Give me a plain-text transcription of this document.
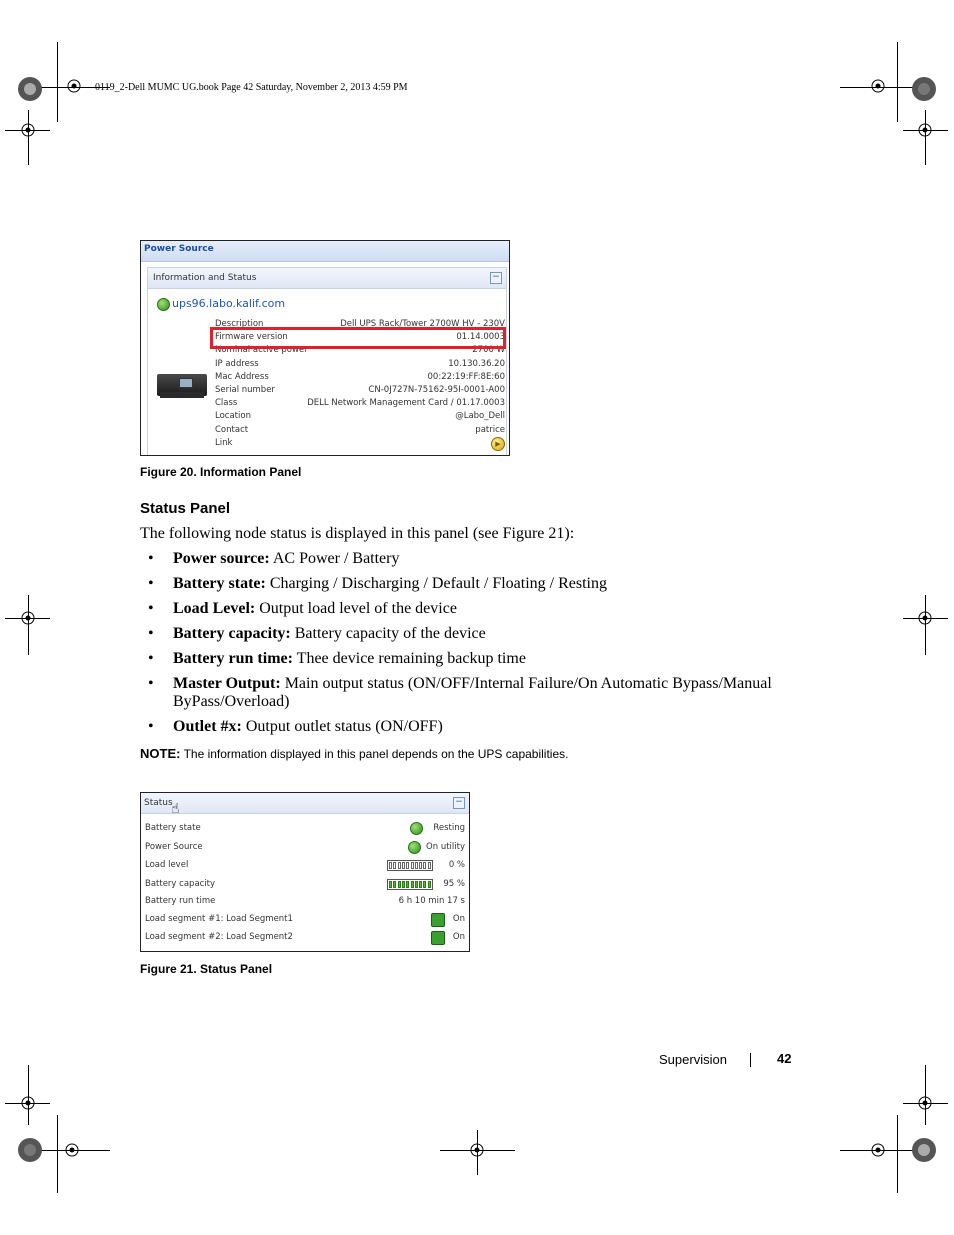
0119_2-Dell MUMC UG.book Page 42 Saturday, November 2, 2013 4:59 PM
Power Source
Information and Status	−
ups96.labo.kalif.com
Description	Dell UPS Rack/Tower 2700W HV - 230V
Firmware version	01.14.0003
Nominal active power	2700 W
IP address	10.130.36.20
Mac Address	00:22:19:FF:8E:60
Serial number	CN-0J727N-75162-95I-0001-A00
Class	DELL Network Management Card / 01.17.0003
Location	@Labo_Dell
Contact	patrice
Link	▶
Figure 20. Information Panel
Status Panel
The following node status is displayed in this panel (see Figure 21):
• Power source: AC Power / Battery
• Battery state: Charging / Discharging / Default / Floating / Resting
• Load Level: Output load level of the device
• Battery capacity: Battery capacity of the device
• Battery run time: Thee device remaining backup time
• Master Output: Main output status (ON/OFF/Internal Failure/On Automatic Bypass/Manual ByPass/Overload)
• Outlet #x: Output outlet status (ON/OFF)
NOTE: The information displayed in this panel depends on the UPS capabilities.
Status	−
☝
Battery state	Resting
Power Source	On utility
Load level	0 %
Battery capacity	95 %
Battery run time	6 h 10 min 17 s
Load segment #1: Load Segment1	On
Load segment #2: Load Segment2	On
Figure 21. Status Panel
Supervision	42
